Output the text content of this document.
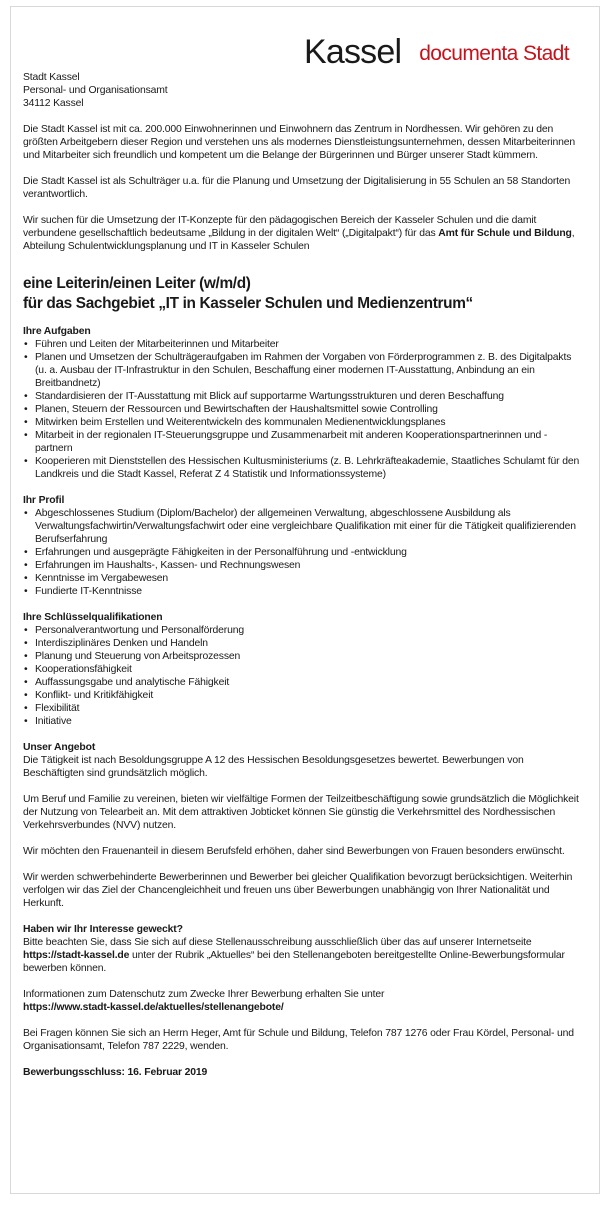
Kassel documenta Stadt

Stadt Kassel

Personal- und Organisationsamt

34112 Kassel

Die Stadt Kassel ist mit ca. 200.000 Einwohnerinnen und Einwohnern das Zentrum in Nordhessen. Wir gehören zu den größten Arbeitgebern dieser Region und verstehen uns als modernes Dienstleistungsunternehmen, dessen Mitarbeiterinnen und Mitarbeiter sich freundlich und kompetent um die Belange der Bürgerinnen und Bürger unserer Stadt kümmern.

Die Stadt Kassel ist als Schulträger u.a. für die Planung und Umsetzung der Digitalisierung in 55 Schulen an 58 Standorten verantwortlich.

Wir suchen für die Umsetzung der IT-Konzepte für den pädagogischen Bereich der Kasseler Schulen und die damit verbundene gesellschaftlich bedeutsame „Bildung in der digitalen Welt“ („Digitalpakt“) für das Amt für Schule und Bildung, Abteilung Schulentwicklungsplanung und IT in Kasseler Schulen

eine Leiterin/einen Leiter (w/m/d)
für das Sachgebiet „IT in Kasseler Schulen und Medienzentrum“
Ihre Aufgaben
• Führen und Leiten der Mitarbeiterinnen und Mitarbeiter
• Planen und Umsetzen der Schulträgeraufgaben im Rahmen der Vorgaben von Förderprogrammen z. B. des Digitalpakts (u. a. Ausbau der IT-Infrastruktur in den Schulen, Beschaffung einer modernen IT-Ausstattung, Anbindung an ein Breitbandnetz)
• Standardisieren der IT-Ausstattung mit Blick auf supportarme Wartungsstrukturen und deren Beschaffung
• Planen, Steuern der Ressourcen und Bewirtschaften der Haushaltsmittel sowie Controlling
• Mitwirken beim Erstellen und Weiterentwickeln des kommunalen Medienentwicklungsplanes
• Mitarbeit in der regionalen IT-Steuerungsgruppe und Zusammenarbeit mit anderen Kooperationspartnerinnen und -partnern
• Kooperieren mit Dienststellen des Hessischen Kultusministeriums (z. B. Lehrkräfteakademie, Staatliches Schulamt für den Landkreis und die Stadt Kassel, Referat Z 4 Statistik und Informationssysteme)
Ihr Profil
• Abgeschlossenes Studium (Diplom/Bachelor) der allgemeinen Verwaltung, abgeschlossene Ausbildung als Verwaltungsfachwirtin/Verwaltungsfachwirt oder eine vergleichbare Qualifikation mit einer für die Tätigkeit qualifizierenden Berufserfahrung
• Erfahrungen und ausgeprägte Fähigkeiten in der Personalführung und -entwicklung
• Erfahrungen im Haushalts-, Kassen- und Rechnungswesen
• Kenntnisse im Vergabewesen
• Fundierte IT-Kenntnisse
Ihre Schlüsselqualifikationen
• Personalverantwortung und Personalförderung
• Interdisziplinäres Denken und Handeln
• Planung und Steuerung von Arbeitsprozessen
• Kooperationsfähigkeit
• Auffassungsgabe und analytische Fähigkeit
• Konflikt- und Kritikfähigkeit
• Flexibilität
• Initiative
Unser Angebot

Die Tätigkeit ist nach Besoldungsgruppe A 12 des Hessischen Besoldungsgesetzes bewertet. Bewerbungen von Beschäftigten sind grundsätzlich möglich.

Um Beruf und Familie zu vereinen, bieten wir vielfältige Formen der Teilzeitbeschäftigung sowie grundsätzlich die Möglichkeit der Nutzung von Telearbeit an. Mit dem attraktiven Jobticket können Sie günstig die Verkehrsmittel des Nordhessischen Verkehrsverbundes (NVV) nutzen.

Wir möchten den Frauenanteil in diesem Berufsfeld erhöhen, daher sind Bewerbungen von Frauen besonders erwünscht.

Wir werden schwerbehinderte Bewerberinnen und Bewerber bei gleicher Qualifikation bevorzugt berücksichtigen. Weiterhin verfolgen wir das Ziel der Chancengleichheit und freuen uns über Bewerbungen unabhängig von Ihrer Nationalität und Herkunft.

Haben wir Ihr Interesse geweckt?

Bitte beachten Sie, dass Sie sich auf diese Stellenausschreibung ausschließlich über das auf unserer Internetseite https://stadt-kassel.de unter der Rubrik „Aktuelles“ bei den Stellenangeboten bereitgestellte Online-Bewerbungsformular bewerben können.

Informationen zum Datenschutz zum Zwecke Ihrer Bewerbung erhalten Sie unter

https://www.stadt-kassel.de/aktuelles/stellenangebote/

Bei Fragen können Sie sich an Herrn Heger, Amt für Schule und Bildung, Telefon 787 1276 oder Frau Kördel, Personal- und Organisationsamt, Telefon 787 2229, wenden.

Bewerbungsschluss: 16. Februar 2019
